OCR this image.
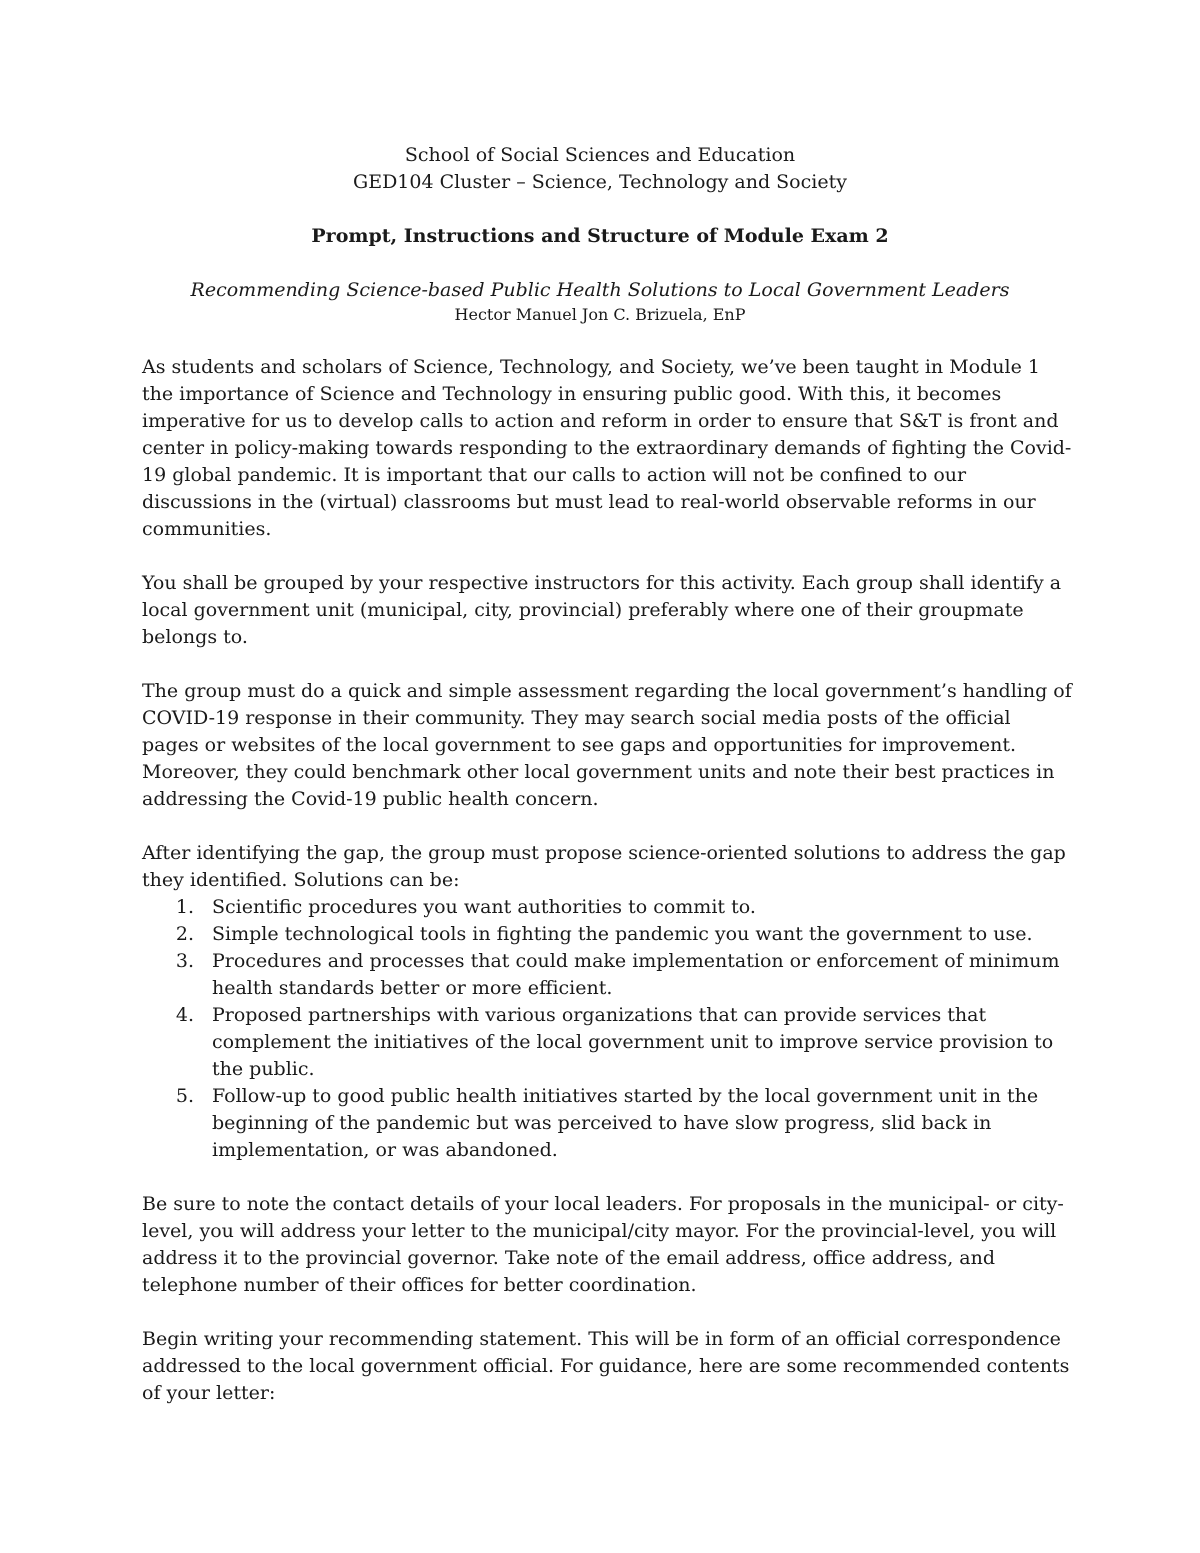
School of Social Sciences and Education

GED104 Cluster – Science, Technology and Society

Prompt, Instructions and Structure of Module Exam 2

Recommending Science-based Public Health Solutions to Local Government Leaders

Hector Manuel Jon C. Brizuela, EnP

As students and scholars of Science, Technology, and Society, we’ve been taught in Module 1 the importance of Science and Technology in ensuring public good. With this, it becomes imperative for us to develop calls to action and reform in order to ensure that S&T is front and center in policy-making towards responding to the extraordinary demands of fighting the Covid-19 global pandemic. It is important that our calls to action will not be confined to our discussions in the (virtual) classrooms but must lead to real-world observable reforms in our communities.

You shall be grouped by your respective instructors for this activity. Each group shall identify a local government unit (municipal, city, provincial) preferably where one of their groupmate belongs to.

The group must do a quick and simple assessment regarding the local government’s handling of COVID-19 response in their community. They may search social media posts of the official pages or websites of the local government to see gaps and opportunities for improvement. Moreover, they could benchmark other local government units and note their best practices in addressing the Covid-19 public health concern.

After identifying the gap, the group must propose science-oriented solutions to address the gap they identified. Solutions can be:

1. Scientific procedures you want authorities to commit to.
2. Simple technological tools in fighting the pandemic you want the government to use.
3. Procedures and processes that could make implementation or enforcement of minimum health standards better or more efficient.
4. Proposed partnerships with various organizations that can provide services that complement the initiatives of the local government unit to improve service provision to the public.
5. Follow-up to good public health initiatives started by the local government unit in the beginning of the pandemic but was perceived to have slow progress, slid back in implementation, or was abandoned.

Be sure to note the contact details of your local leaders. For proposals in the municipal- or city-level, you will address your letter to the municipal/city mayor. For the provincial-level, you will address it to the provincial governor. Take note of the email address, office address, and telephone number of their offices for better coordination.

Begin writing your recommending statement. This will be in form of an official correspondence addressed to the local government official. For guidance, here are some recommended contents of your letter:
